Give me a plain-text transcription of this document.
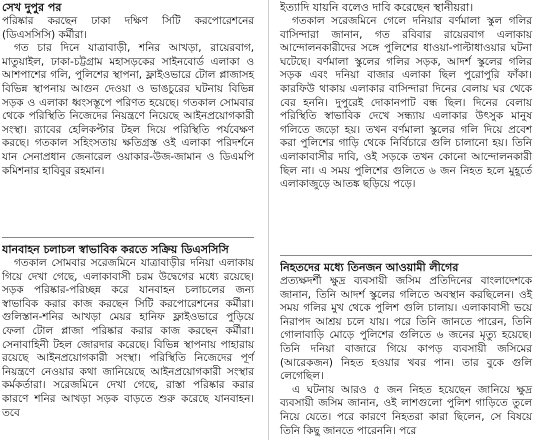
সেখ দুপুর পর

পরিষ্কার করছেন ঢাকা দক্ষিণ সিটি করপোরেশনের (ডিএসসিসি) কর্মীরা।

গত চার দিনে যাত্রাবাড়ী, শনির আখড়া, রায়েরবাগ, মাতুয়াইল, ঢাকা-চট্টগ্রাম মহাসড়কের সাইনবোর্ড এলাকা ও আশপাশের গলি, পুলিশের স্থাপনা, ফ্লাইওভারে টোল প্লাজাসহ বিভিন্ন স্থাপনায় আগুন দেওয়া ও ভাঙচুরের ঘটনায় বিভিন্ন সড়ক ও এলাকা ধ্বংসস্তূপে পরিণত হয়েছে। গতকাল সোমবার থেকে পরিস্থিতি নিজেদের নিয়ন্ত্রণে নিয়েছে আইনপ্রয়োগকারী সংস্থা। র‌্যাবের হেলিকপ্টার টহল দিয়ে পরিস্থিতি পর্যবেক্ষণ করছে। গতকাল সহিংসতায় ক্ষতিগ্রস্ত ওই এলাকা পরিদর্শনে যান সেনাপ্রধান জেনারেল ওয়াকার-উজ-জামান ও ডিএমপি কমিশনার হাবিবুর রহমান।

যানবাহন চলাচল স্বাভাবিক করতে সক্রিয় ডিএসসিসি

গতকাল সোমবার সরেজমিনে যাত্রাবাড়ীর দনিয়া এলাকায় গিয়ে দেখা গেছে, এলাকাবাসী চরম উদ্বেগের মধ্যে রয়েছে। সড়ক পরিষ্কার-পরিচ্ছন্ন করে যানবাহন চলাচলের জন্য স্বাভাবিক করার কাজ করছেন সিটি করপোরেশনের কর্মীরা। গুলিস্তান-শনির আখড়া মেয়র হানিফ ফ্লাইওভারে পুড়িয়ে ফেলা টোল প্লাজা পরিষ্কার করার কাজ করছেন কর্মীরা। সেনাবাহিনী টহল জোরদার করেছে। বিভিন্ন স্থাপনায় পাহারায় রয়েছে আইনপ্রয়োগকারী সংস্থা। পরিস্থিতি নিজেদের পূর্ণ নিয়ন্ত্রণে নেওয়ার কথা জানিয়েছে আইনপ্রয়োগকারী সংস্থার কর্মকর্তারা। সরেজমিনে দেখা গেছে, রাস্তা পরিষ্কার করার কারণে শনির আখড়া সড়ক বাড়তে শুরু করেছে যানবাহন। তবে

ইত্যাদি যায়নি বলেও দাবি করেছেন স্থানীয়রা।

গতকাল সরেজমিনে গেলে দনিয়ার বর্ণমালা স্কুল গলির বাসিন্দারা জানান, গত রবিবার রায়েরবাগ এলাকায় আন্দোলনকারীদের সঙ্গে পুলিশের ধাওয়া-পাল্টাধাওয়ার ঘটনা ঘটেছে। বর্ণমালা স্কুলের গলির সড়ক, আদর্শ স্কুলের গলির সড়ক এবং দনিয়া বাজার এলাকা ছিল পুরোপুরি ফাঁকা। কারফিউ থাকায় এলাকার বাসিন্দারা দিনের বেলায় ঘর থেকে বের হননি। দুপুরেই দোকানপাট বন্ধ ছিল। দিনের বেলায় পরিস্থিতি স্বাভাবিক দেখে সন্ধ্যায় এলাকার উৎসুক মানুষ গলিতে জড়ো হয়। তখন বর্ণমালা স্কুলের গলি দিয়ে প্রবেশ করা পুলিশের গাড়ি থেকে নির্বিচারে গুলি চালানো হয়। তিনি এলাকাবাসীর দাবি, ওই সড়কে তখন কোনো আন্দোলনকারী ছিল না। এ সময় পুলিশের গুলিতে ৬ জন নিহত হলে মুহূর্তে এলাকাজুড়ে আতঙ্ক ছড়িয়ে পড়ে।

নিহতদের মধ্যে তিনজন আওয়ামী লীগের

প্রত্যক্ষদর্শী ক্ষুদ্র ব্যবসায়ী জসিম প্রতিদিনের বাংলাদেশকে জানান, তিনি আদর্শ স্কুলের গলিতে অবস্থান করছিলেন। ওই সময় গলির মুখ থেকে পুলিশ গুলি চালায়। এলাকাবাসী ভয়ে নিরাপদ আশ্রয় চলে যায়। পরে তিনি জানতে পারেন, তিনি গোলাবাড়ি মোড়ে পুলিশের গুলিতে ৬ জনের মৃত্যু হয়েছে। তিনি দনিয়া বাজারে গিয়ে কাপড় ব্যবসায়ী জসিমের (আরেকজন) নিহত হওয়ার খবর পান। তার বুকে গুলি লেগেছিল।

এ ঘটনায় আরও ৫ জন নিহত হয়েছেন জানিয়ে ক্ষুদ্র ব্যবসায়ী জসিম জানান, ওই লাশগুলো পুলিশ গাড়িতে তুলে নিয়ে যেতে। পরে কারণে নিহতরা কারা ছিলেন, সে বিষয়ে তিনি কিছু জানতে পারেননি। পরে
